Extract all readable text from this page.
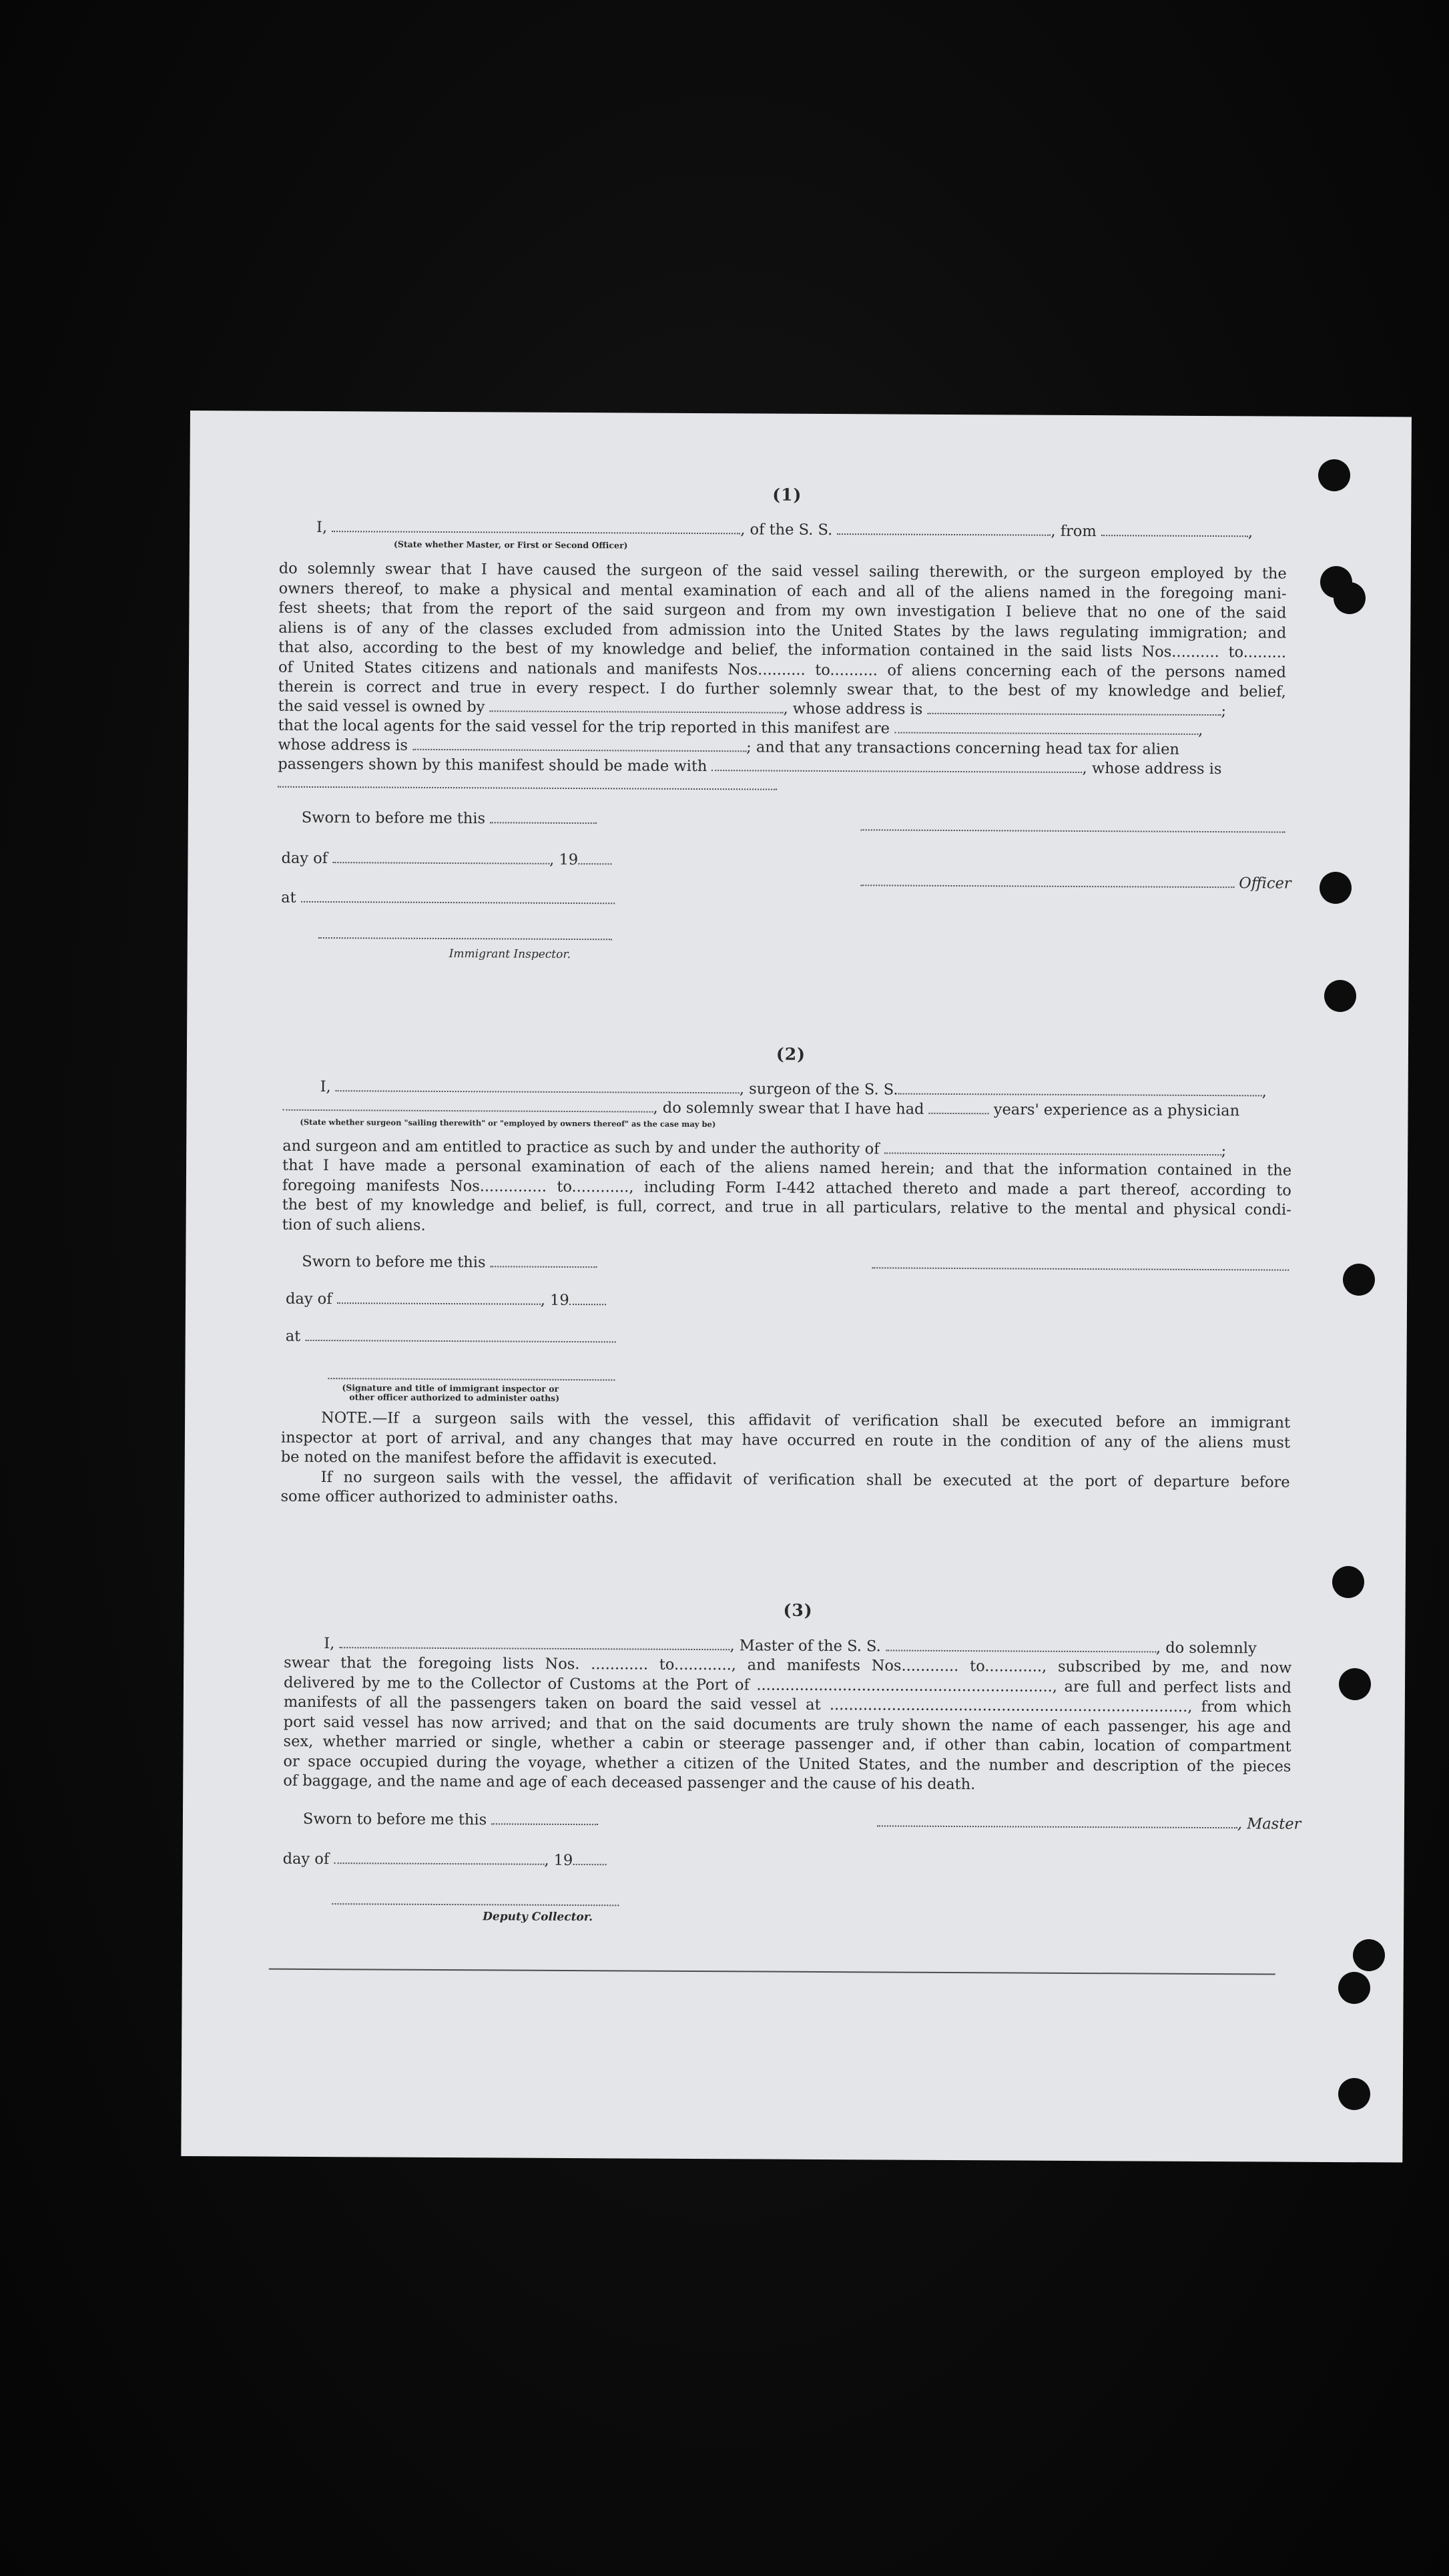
(1)
I,	, of the S. S.	, from	,
(State whether Master, or First or Second Officer)
do solemnly swear that I have caused the surgeon of the said vessel sailing therewith, or the surgeon employed by the
owners thereof, to make a physical and mental examination of each and all of the aliens named in the foregoing mani-
fest sheets; that from the report of the said surgeon and from my own investigation I believe that no one of the said
aliens is of any of the classes excluded from admission into the United States by the laws regulating immigration; and
that also, according to the best of my knowledge and belief, the information contained in the said lists Nos.......... to.........
of United States citizens and nationals and manifests Nos.......... to.......... of aliens concerning each of the persons named
therein is correct and true in every respect. I do further solemnly swear that, to the best of my knowledge and belief,
the said vessel is owned by	, whose address is	;
that the local agents for the said vessel for the trip reported in this manifest are	,
whose address is	; and that any transactions concerning head tax for alien
passengers shown by this manifest should be made with	, whose address is
Sworn to before me this
day of	, 19
at
Immigrant Inspector.
Officer
(2)
I,	, surgeon of the S. S.	,
, do solemnly swear that I have had	years' experience as a physician
(State whether surgeon "sailing therewith" or "employed by owners thereof" as the case may be)
and surgeon and am entitled to practice as such by and under the authority of	;
that I have made a personal examination of each of the aliens named herein; and that the information contained in the
foregoing manifests Nos.............. to............, including Form I-442 attached thereto and made a part thereof, according to
the best of my knowledge and belief, is full, correct, and true in all particulars, relative to the mental and physical condi-
tion of such aliens.
Sworn to before me this
day of	, 19
at
(Signature and title of immigrant inspector or
other officer authorized to administer oaths)
NOTE.—If a surgeon sails with the vessel, this affidavit of verification shall be executed before an immigrant
inspector at port of arrival, and any changes that may have occurred en route in the condition of any of the aliens must
be noted on the manifest before the affidavit is executed.
If no surgeon sails with the vessel, the affidavit of verification shall be executed at the port of departure before
some officer authorized to administer oaths.
(3)
I,	, Master of the S. S.	, do solemnly
swear that the foregoing lists Nos. ............ to............, and manifests Nos............ to............, subscribed by me, and now
delivered by me to the Collector of Customs at the Port of .............................................................., are full and perfect lists and
manifests of all the passengers taken on board the said vessel at ..........................................................................., from which
port said vessel has now arrived; and that on the said documents are truly shown the name of each passenger, his age and
sex, whether married or single, whether a cabin or steerage passenger and, if other than cabin, location of compartment
or space occupied during the voyage, whether a citizen of the United States, and the number and description of the pieces
of baggage, and the name and age of each deceased passenger and the cause of his death.
Sworn to before me this	, Master
day of	, 19
Deputy Collector.
